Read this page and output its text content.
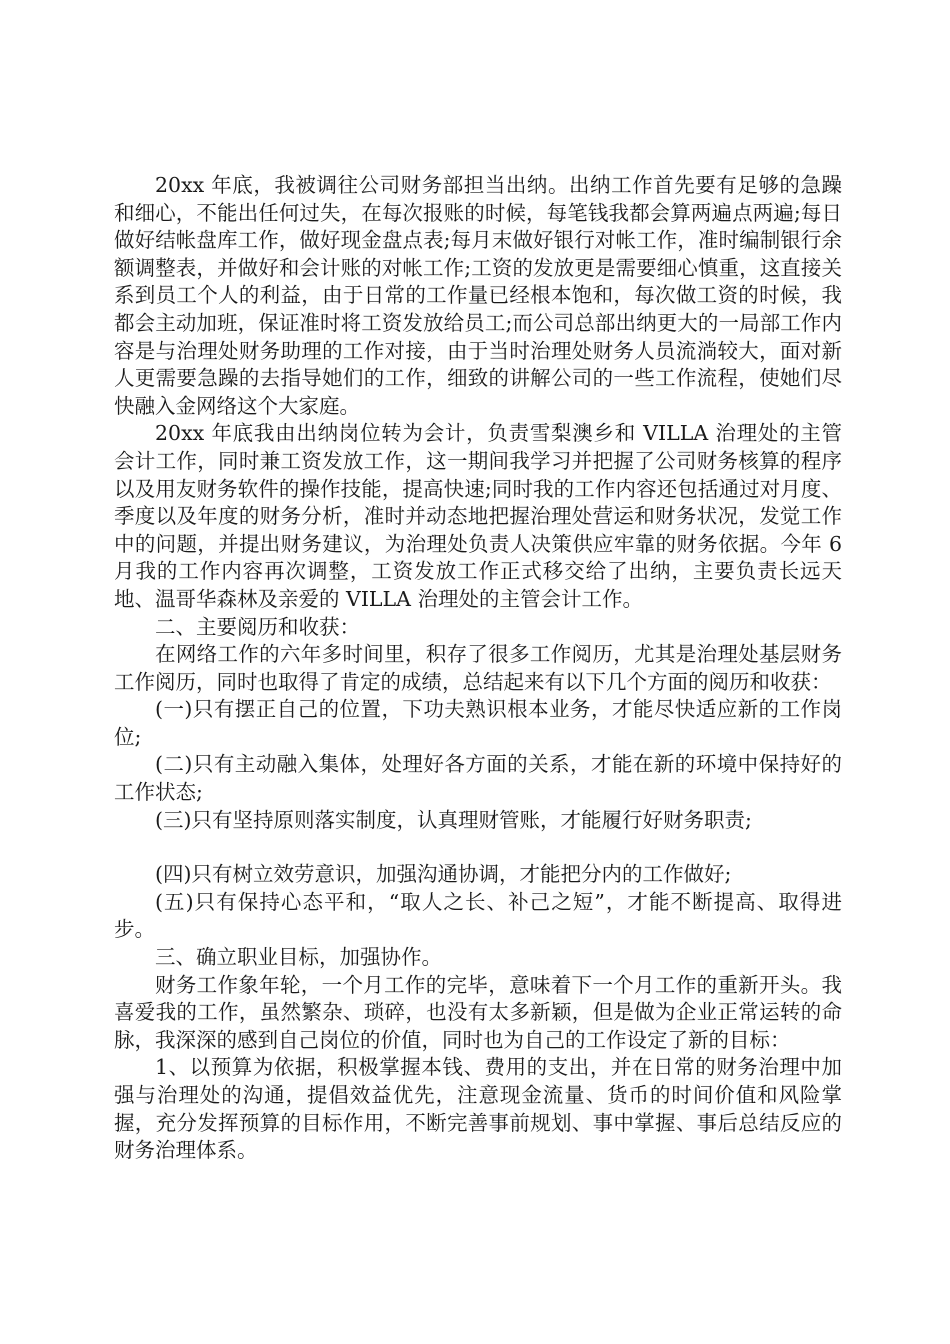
20xx 年底，我被调往公司财务部担当出纳。出纳工作首先要有足够的急躁和细心，不能出任何过失，在每次报账的时候，每笔钱我都会算两遍点两遍;每日做好结帐盘库工作，做好现金盘点表;每月末做好银行对帐工作，准时编制银行余额调整表，并做好和会计账的对帐工作;工资的发放更是需要细心慎重，这直接关系到员工个人的利益，由于日常的工作量已经根本饱和，每次做工资的时候，我都会主动加班，保证准时将工资发放给员工;而公司总部出纳更大的一局部工作内容是与治理处财务助理的工作对接，由于当时治理处财务人员流淌较大，面对新人更需要急躁的去指导她们的工作，细致的讲解公司的一些工作流程，使她们尽快融入金网络这个大家庭。

20xx 年底我由出纳岗位转为会计，负责雪梨澳乡和 VILLA 治理处的主管会计工作，同时兼工资发放工作，这一期间我学习并把握了公司财务核算的程序以及用友财务软件的操作技能，提高快速;同时我的工作内容还包括通过对月度、季度以及年度的财务分析，准时并动态地把握治理处营运和财务状况，发觉工作中的问题，并提出财务建议，为治理处负责人决策供应牢靠的财务依据。今年 6 月我的工作内容再次调整，工资发放工作正式移交给了出纳，主要负责长远天地、温哥华森林及亲爱的 VILLA 治理处的主管会计工作。

二、主要阅历和收获：

在网络工作的六年多时间里，积存了很多工作阅历，尤其是治理处基层财务工作阅历，同时也取得了肯定的成绩，总结起来有以下几个方面的阅历和收获：

(一)只有摆正自己的位置，下功夫熟识根本业务，才能尽快适应新的工作岗位;

(二)只有主动融入集体，处理好各方面的关系，才能在新的环境中保持好的工作状态;

(三)只有坚持原则落实制度，认真理财管账，才能履行好财务职责;

(四)只有树立效劳意识，加强沟通协调，才能把分内的工作做好;

(五)只有保持心态平和，“取人之长、补己之短”，才能不断提高、取得进步。

三、确立职业目标，加强协作。

财务工作象年轮，一个月工作的完毕，意味着下一个月工作的重新开头。我喜爱我的工作，虽然繁杂、琐碎，也没有太多新颖，但是做为企业正常运转的命脉，我深深的感到自己岗位的价值，同时也为自己的工作设定了新的目标：

1、以预算为依据，积极掌握本钱、费用的支出，并在日常的财务治理中加强与治理处的沟通，提倡效益优先，注意现金流量、货币的时间价值和风险掌握，充分发挥预算的目标作用，不断完善事前规划、事中掌握、事后总结反应的财务治理体系。
